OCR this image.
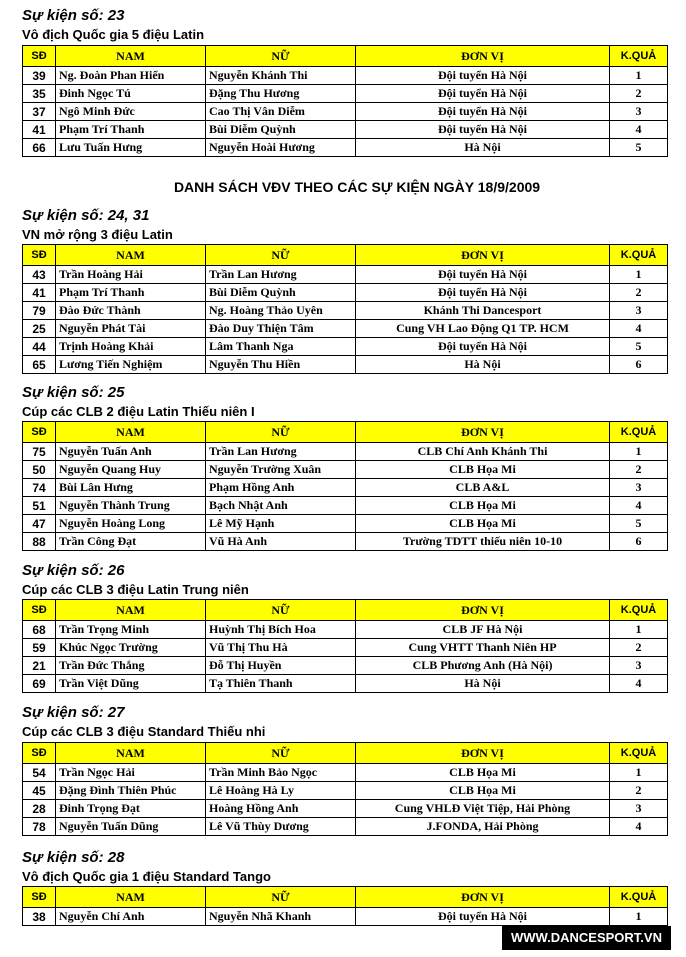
DANH SÁCH VĐV THEO CÁC SỰ KIỆN NGÀY 18/9/2009
WWW.DANCESPORT.VN
Sự kiện số: 23
Vô địch Quốc gia 5 điệu Latin
SĐ	NAM	NỮ	ĐƠN VỊ	K.QUẢ
39	Ng. Đoàn Phan Hiển	Nguyễn Khánh Thi	Đội tuyển Hà Nội	1
35	Đinh Ngọc Tú	Đặng Thu Hương	Đội tuyển Hà Nội	2
37	Ngô Minh Đức	Cao Thị Vân Diễm	Đội tuyển Hà Nội	3
41	Phạm Trí Thanh	Bùi Diễm Quỳnh	Đội tuyển Hà Nội	4
66	Lưu Tuấn Hưng	Nguyễn Hoài Hương	Hà Nội	5
Sự kiện số: 24, 31
VN mở rộng 3 điệu Latin
SĐ	NAM	NỮ	ĐƠN VỊ	K.QUẢ
43	Trần Hoàng Hải	Trần Lan Hương	Đội tuyển Hà Nội	1
41	Phạm Trí Thanh	Bùi Diễm Quỳnh	Đội tuyển Hà Nội	2
79	Đào Đức Thành	Ng. Hoàng Thảo Uyên	Khánh Thi Dancesport	3
25	Nguyễn Phát Tài	Đào Duy Thiện Tâm	Cung VH Lao Động Q1 TP. HCM	4
44	Trịnh Hoàng Khải	Lâm Thanh Nga	Đội tuyển Hà Nội	5
65	Lương Tiến Nghiệm	Nguyễn Thu Hiền	Hà Nội	6
Sự kiện số: 25
Cúp các CLB 2 điệu Latin Thiếu niên I
SĐ	NAM	NỮ	ĐƠN VỊ	K.QUẢ
75	Nguyễn Tuấn Anh	Trần Lan Hương	CLB Chí Anh Khánh Thi	1
50	Nguyễn Quang Huy	Nguyễn Trường Xuân	CLB Họa Mi	2
74	Bùi Lân Hưng	Phạm Hồng Anh	CLB A&L	3
51	Nguyễn Thành Trung	Bạch Nhật Anh	CLB Họa Mi	4
47	Nguyễn Hoàng Long	Lê Mỹ Hạnh	CLB Họa Mi	5
88	Trần Công Đạt	Vũ Hà Anh	Trường TDTT thiếu niên 10-10	6
Sự kiện số: 26
Cúp các CLB 3 điệu Latin Trung niên
SĐ	NAM	NỮ	ĐƠN VỊ	K.QUẢ
68	Trần Trọng Minh	Huỳnh Thị Bích Hoa	CLB JF Hà Nội	1
59	Khúc Ngọc Trường	Vũ Thị Thu Hà	Cung VHTT Thanh Niên HP	2
21	Trần Đức Thắng	Đỗ Thị Huyền	CLB Phương Anh (Hà Nội)	3
69	Trần Việt Dũng	Tạ Thiên Thanh	Hà Nội	4
Sự kiện số: 27
Cúp các CLB 3 điệu Standard Thiếu nhi
SĐ	NAM	NỮ	ĐƠN VỊ	K.QUẢ
54	Trần Ngọc Hải	Trần Minh Bảo Ngọc	CLB Họa Mi	1
45	Đặng Đình Thiên Phúc	Lê Hoàng Hà Ly	CLB Họa Mi	2
28	Đinh Trọng Đạt	Hoàng Hồng Anh	Cung VHLĐ Việt Tiệp, Hải Phòng	3
78	Nguyễn Tuấn Dũng	Lê Vũ Thùy Dương	J.FONDA, Hải Phòng	4
Sự kiện số: 28
Vô địch Quốc gia 1 điệu Standard Tango
SĐ	NAM	NỮ	ĐƠN VỊ	K.QUẢ
38	Nguyễn Chí Anh	Nguyễn Nhã Khanh	Đội tuyển Hà Nội	1
